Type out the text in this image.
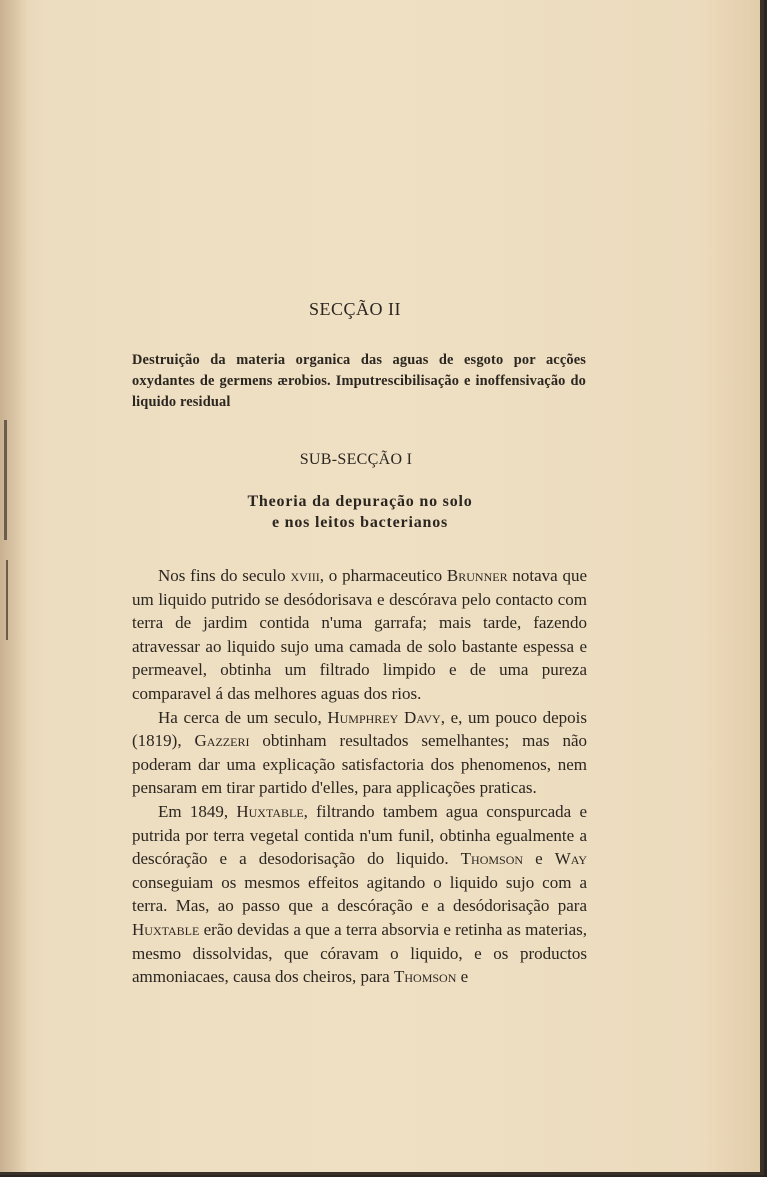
SECÇÃO II
Destruição da materia organica das aguas de esgoto por acções oxydantes de germens ærobios. Imputrescibilisação e inoffensivação do liquido residual
SUB-SECÇÃO I
Theoria da depuração no solo
e nos leitos bacterianos

Nos fins do seculo xviii, o pharmaceutico Brunner notava que um liquido putrido se desódorisava e descórava pelo contacto com terra de jardim contida n'uma garrafa; mais tarde, fazendo atravessar ao liquido sujo uma camada de solo bastante espessa e permeavel, obtinha um filtrado limpido e de uma pureza comparavel á das melhores aguas dos rios.

Ha cerca de um seculo, Humphrey Davy, e, um pouco depois (1819), Gazzeri obtinham resultados semelhantes; mas não poderam dar uma explicação satisfactoria dos phenomenos, nem pensaram em tirar partido d'elles, para applicações praticas.

Em 1849, Huxtable, filtrando tambem agua conspurcada e putrida por terra vegetal contida n'um funil, obtinha egualmente a descóração e a desodorisação do liquido. Thomson e Way conseguiam os mesmos effeitos agitando o liquido sujo com a terra. Mas, ao passo que a descóração e a desódorisação para Huxtable erão devidas a que a terra absorvia e retinha as materias, mesmo dissolvidas, que córavam o liquido, e os productos ammoniacaes, causa dos cheiros, para Thomson e
